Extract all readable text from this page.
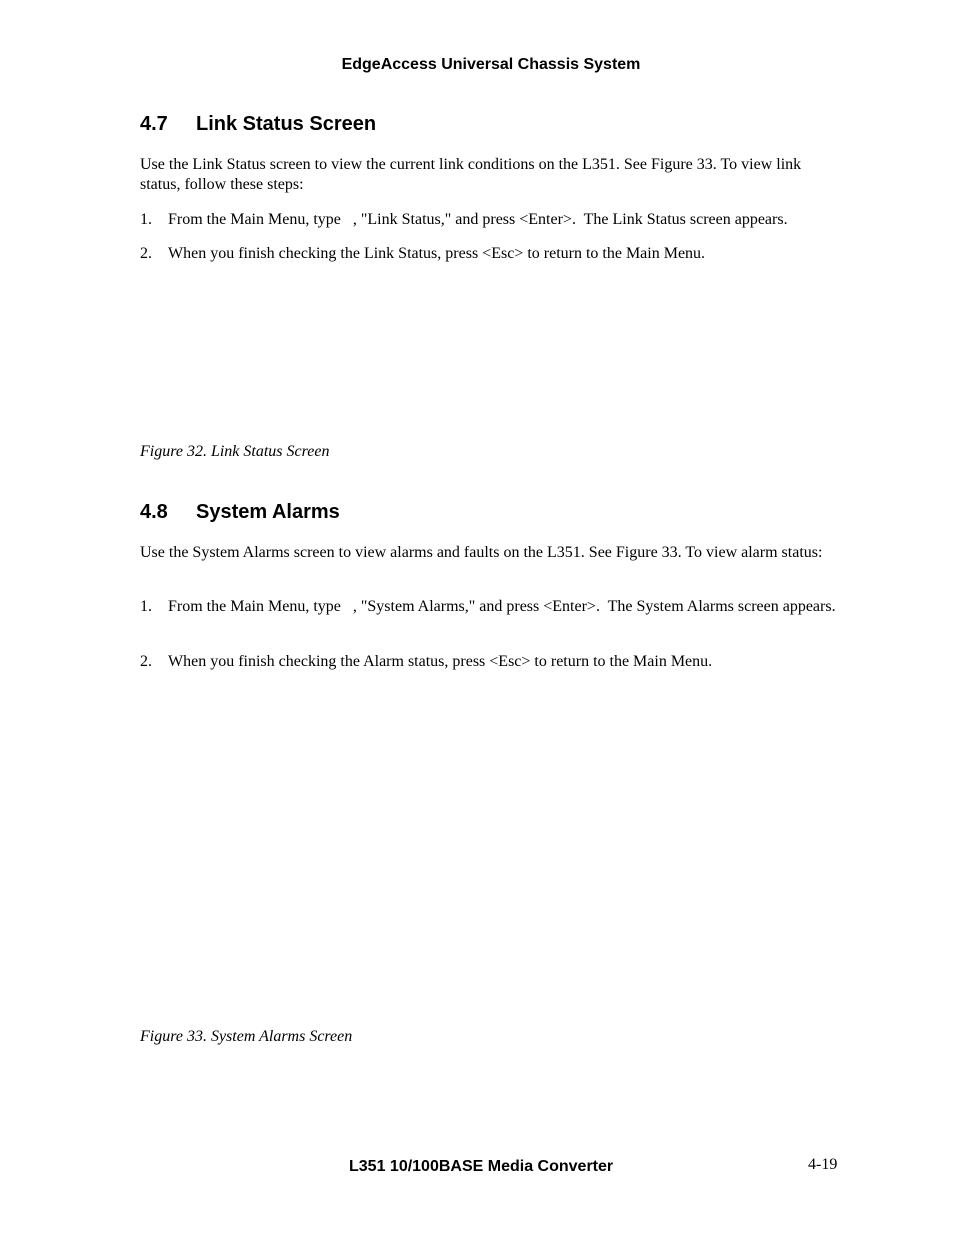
EdgeAccess Universal Chassis System
4.7 Link Status Screen
Use the Link Status screen to view the current link conditions on the L351. See Figure 33. To view link status, follow these steps:
1. From the Main Menu, type   , "Link Status," and press <Enter>.  The Link Status screen appears.
2. When you finish checking the Link Status, press <Esc> to return to the Main Menu.
Figure 32. Link Status Screen
4.8 System Alarms
Use the System Alarms screen to view alarms and faults on the L351. See Figure 33. To view alarm status:
1. From the Main Menu, type   , "System Alarms," and press <Enter>.  The System Alarms screen appears.
2. When you finish checking the Alarm status, press <Esc> to return to the Main Menu.
Figure 33. System Alarms Screen
L351 10/100BASE Media Converter	4-19
